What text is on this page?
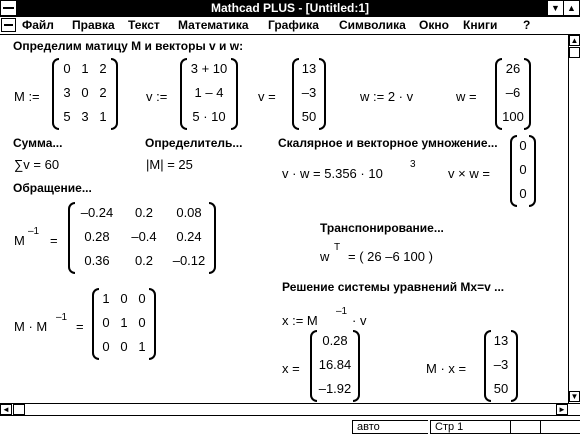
Mathcad PLUS - [Untitled:1]	▼ ▲
Файл Правка Текст Математика Графика Символика Окно Книги ?
Определим матицу M и векторы v и w:
M :=
0 1 2
3 0 2
5 3 1
v :=
3 + 10
1 – 4
5 · 10
v =
13
–3
50
w := 2 · v	w =
26
–6
100
Сумма...
∑v = 60
Определитель...
|M| = 25
Скалярное и векторное умножение...
v · w = 5.356 · 10
3
v × w =
0
0
0
Обращение...
M
–1
=
–0.24	0.2	0.08
0.28	–0.4	0.24
0.36	0.2	–0.12
Транспонирование...
w
T
= ( 26 –6 100 )
M · M
–1
=
1 0 0
0 1 0
0 0 1
Решение системы уравнений Mx=v ...
x := M
–1
· v
x =
0.28
16.84
–1.92
M · x =
13
–3
50
▲
▼
◄	►
авто	Стр 1
